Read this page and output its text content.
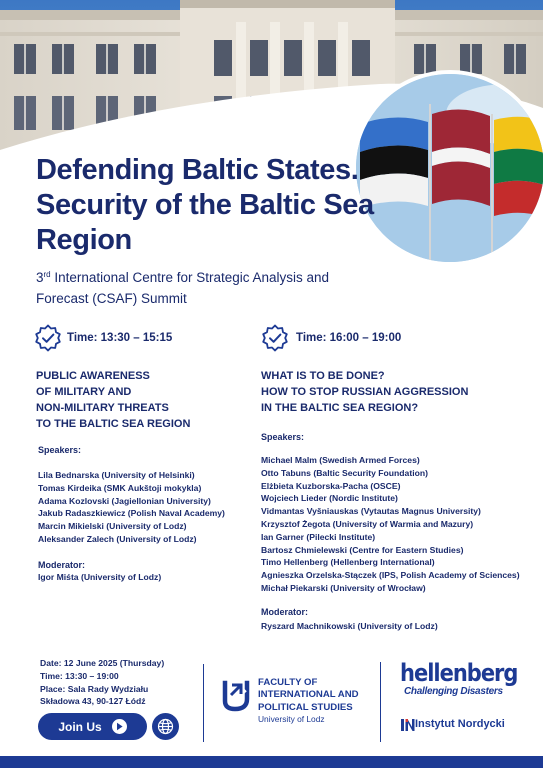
Defending Baltic States. Security of the Baltic Sea Region

3rd International Centre for Strategic Analysis and Forecast (CSAF) Summit

Time: 13:30 – 15:15
PUBLIC AWARENESS
OF MILITARY AND
NON-MILITARY THREATS
TO THE BALTIC SEA REGION
Speakers:
Lila Bednarska (University of Helsinki)
Tomas Kirdeika (SMK Aukštoji mokykla)
Adama Kozlovski (Jagiellonian University)
Jakub Radaszkiewicz (Polish Naval Academy)
Marcin Mikielski (University of Lodz)
Aleksander Zalech (University of Lodz)
Moderator:
Igor Miśta (University of Lodz)
Time: 16:00 – 19:00
WHAT IS TO BE DONE?
HOW TO STOP RUSSIAN AGGRESSION
IN THE BALTIC SEA REGION?
Speakers:
Michael Malm (Swedish Armed Forces)
Otto Tabuns (Baltic Security Foundation)
Elżbieta Kuzborska-Pacha (OSCE)
Wojciech Lieder (Nordic Institute)
Vidmantas Vyšniauskas (Vytautas Magnus University)
Krzysztof Żegota (University of Warmia and Mazury)
Ian Garner (Pilecki Institute)
Bartosz Chmielewski (Centre for Eastern Studies)
Timo Hellenberg (Hellenberg International)
Agnieszka Orzelska-Stączek (IPS, Polish Academy of Sciences)
Michał Piekarski (University of Wrocław)
Moderator:
Ryszard Machnikowski (University of Lodz)
Date: 12 June 2025 (Thursday)
Time: 13:30 – 19:00
Place: Sala Rady Wydziału
Składowa 43, 90-127 Łódź
Join Us
FACULTY OF
INTERNATIONAL AND
POLITICAL STUDIES
University of Lodz
hellenberg
Challenging Disasters
Instytut Nordycki
